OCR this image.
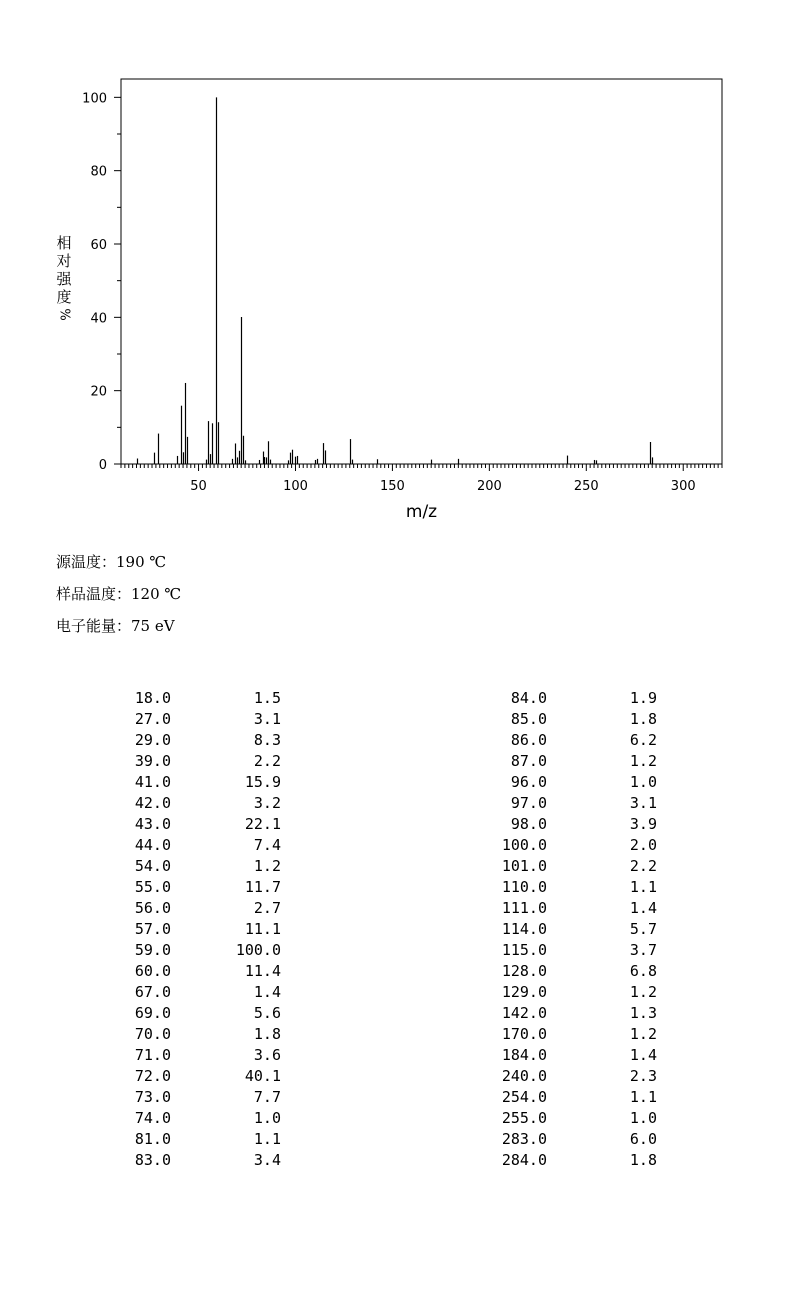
50	100	150	200	250	300
0
20
40
60
80
100
m/z
相
对
强
度
%
源温度：190 ℃
样品温度：120 ℃
电子能量：75 eV
18.0	1.5
27.0	3.1
29.0	8.3
39.0	2.2
41.0	15.9
42.0	3.2
43.0	22.1
44.0	7.4
54.0	1.2
55.0	11.7
56.0	2.7
57.0	11.1
59.0	100.0
60.0	11.4
67.0	1.4
69.0	5.6
70.0	1.8
71.0	3.6
72.0	40.1
73.0	7.7
74.0	1.0
81.0	1.1
83.0	3.4
84.0	1.9
85.0	1.8
86.0	6.2
87.0	1.2
96.0	1.0
97.0	3.1
98.0	3.9
100.0	2.0
101.0	2.2
110.0	1.1
111.0	1.4
114.0	5.7
115.0	3.7
128.0	6.8
129.0	1.2
142.0	1.3
170.0	1.2
184.0	1.4
240.0	2.3
254.0	1.1
255.0	1.0
283.0	6.0
284.0	1.8
